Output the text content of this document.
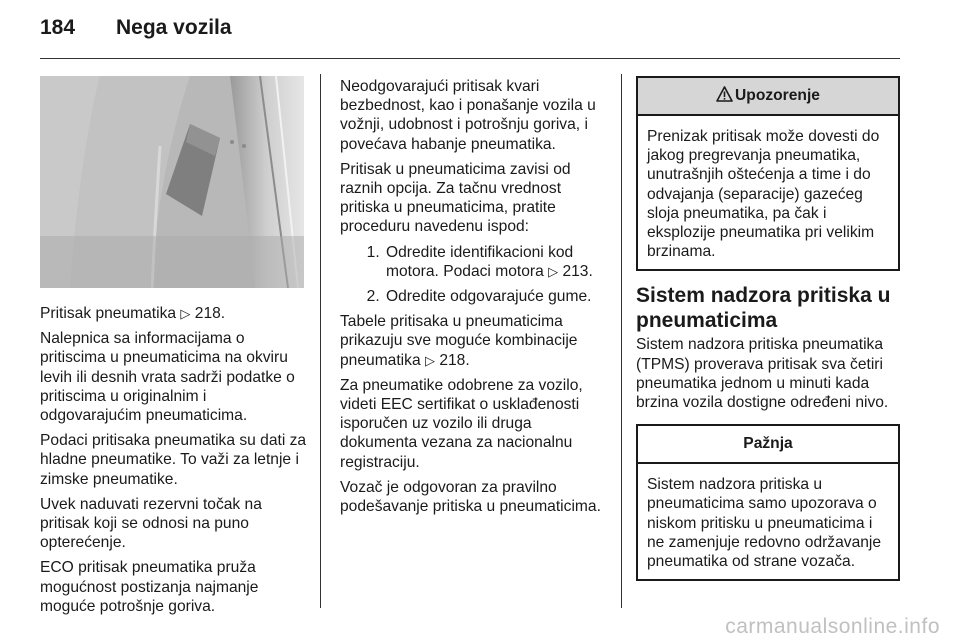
184 Nega vozila

Pritisak pneumatika ▷ 218.

Nalepnica sa informacijama o pritiscima u pneumaticima na okviru levih ili desnih vrata sadrži podatke o pritiscima u originalnim i odgovarajućim pneumaticima.

Podaci pritisaka pneumatika su dati za hladne pneumatike. To važi za letnje i zimske pneumatike.

Uvek naduvati rezervni točak na pritisak koji se odnosi na puno opterećenje.

ECO pritisak pneumatika pruža mogućnost postizanja najmanje moguće potrošnje goriva.

Neodgovarajući pritisak kvari bezbednost, kao i ponašanje vozila u vožnji, udobnost i potrošnju goriva, i povećava habanje pneumatika.

Pritisak u pneumaticima zavisi od raznih opcija. Za tačnu vrednost pritiska u pneumaticima, pratite proceduru navedenu ispod:

1. Odredite identifikacioni kod motora. Podaci motora ▷ 213.
2. Odredite odgovarajuće gume.

Tabele pritisaka u pneumaticima prikazuju sve moguće kombinacije pneumatika ▷ 218.

Za pneumatike odobrene za vozilo, videti EEC sertifikat o usklađenosti isporučen uz vozilo ili druga dokumenta vezana za nacionalnu registraciju.

Vozač je odgovoran za pravilno podešavanje pritiska u pneumaticima.

Upozorenje
Prenizak pritisak može dovesti do jakog pregrevanja pneumatika, unutrašnjih oštećenja a time i do odvajanja (separacije) gazećeg sloja pneumatika, pa čak i eksplozije pneumatika pri velikim brzinama.
Sistem nadzora pritiska u pneumaticima

Sistem nadzora pritiska pneumatika (TPMS) proverava pritisak sva četiri pneumatika jednom u minuti kada brzina vozila dostigne određeni nivo.

Pažnja
Sistem nadzora pritiska u pneumaticima samo upozorava o niskom pritisku u pneumaticima i ne zamenjuje redovno održavanje pneumatika od strane vozača.
carmanualsonline.info
